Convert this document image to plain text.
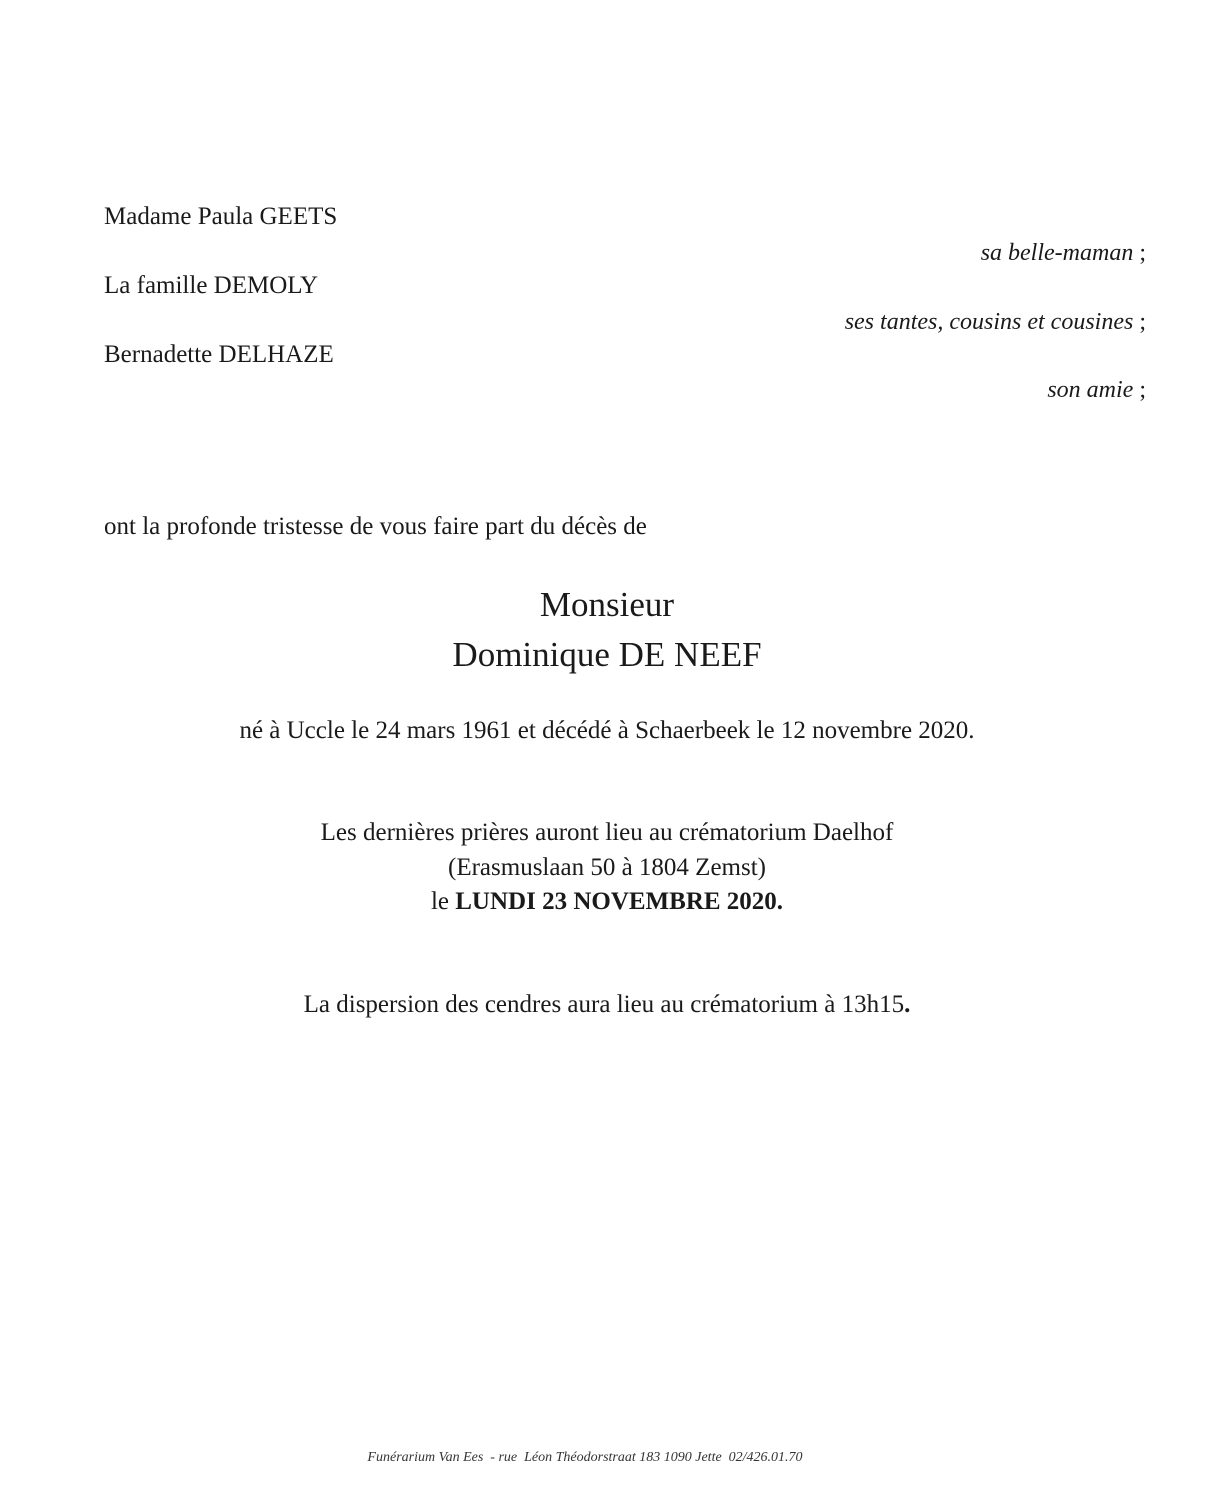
Madame Paula GEETS

sa belle-maman ;

La famille DEMOLY

ses tantes, cousins et cousines ;

Bernadette DELHAZE

son amie ;

ont la profonde tristesse de vous faire part du décès de

Monsieur

Dominique DE NEEF

né à Uccle le 24 mars 1961 et décédé à Schaerbeek le 12 novembre 2020.

Les dernières prières auront lieu au crématorium Daelhof

(Erasmuslaan 50 à 1804 Zemst)

le LUNDI 23 NOVEMBRE 2020.

La dispersion des cendres aura lieu au crématorium à 13h15.

Funérarium Van Ees  - rue  Léon Théodorstraat 183 1090 Jette  02/426.01.70
